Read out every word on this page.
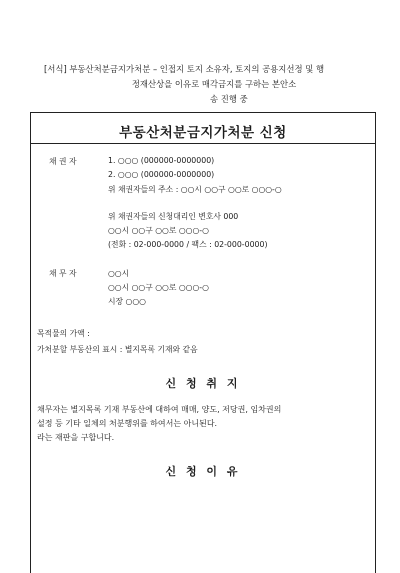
[서식] 부동산처분금지가처분 – 인접지 토지 소유자, 토지의 공용지선정 및 행
정재산상을 이유로 매각금지를 구하는 본안소
송 진행 중
부동산처분금지가처분 신청
채 권 자	1. ○○○ (000000-0000000)
2. ○○○ (000000-0000000)
위 채권자들의 주소 : ○○시 ○○구 ○○로 ○○○-○
위 채권자들의 신청대리인 변호사 000
○○시 ○○구 ○○로 ○○○-○
(전화 : 02-000-0000 / 팩스 : 02-000-0000)
채 무 자	○○시
○○시 ○○구 ○○로 ○○○-○
시장 ○○○
목적물의 가액 :
가처분할 부동산의 표시 : 별지목록 기재와 같음
신 청 취 지
채무자는 별지목록 기재 부동산에 대하여 매매, 양도, 저당권, 임차권의
설정 등 기타 일체의 처분행위를 하여서는 아니된다.
라는 재판을 구합니다.
신 청 이 유
